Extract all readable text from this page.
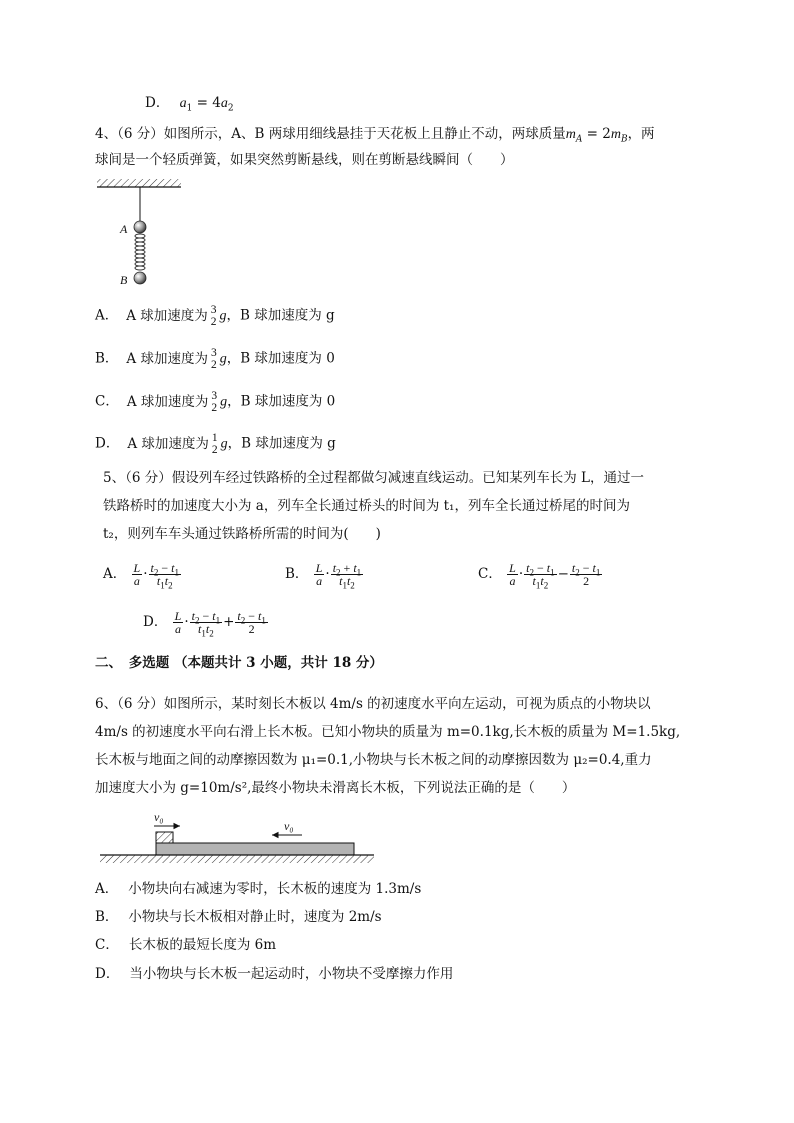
D． $a_1 = 4a_2$
4、（6 分）如图所示，A、B 两球用细线悬挂于天花板上且静止不动，两球质量$m_A = 2m_B$，两
球间是一个轻质弹簧，如果突然剪断悬线，则在剪断悬线瞬间（　　）
A
B
A． A 球加速度为 3
2 g，B 球加速度为 g
B． A 球加速度为 3
2 g，B 球加速度为 0
C． A 球加速度为 3
2 g，B 球加速度为 0
D． A 球加速度为 1
2 g，B 球加速度为 g
5、（6 分）假设列车经过铁路桥的全过程都做匀减速直线运动。已知某列车长为 L，通过一
铁路桥时的加速度大小为 a，列车全长通过桥头的时间为 t₁，列车全长通过桥尾的时间为
t₂，则列车车头通过铁路桥所需的时间为(　　)
A． $\frac{L}{a} \cdot \frac{t_2 - t_1}{t_1t_2}$	B． $\frac{L}{a} \cdot \frac{t_2 + t_1}{t_1t_2}$	C． $\frac{L}{a} \cdot \frac{t_2 - t_1}{t_1t_2} - \frac{t_2 - t_1}{2}$
D． $\frac{L}{a} \cdot \frac{t_2 - t_1}{t_1t_2} + \frac{t_2 - t_1}{2}$
二、　多选题 （本题共计 3 小题，共计 18 分）
6、（6 分）如图所示，某时刻长木板以 4m/s 的初速度水平向左运动，可视为质点的小物块以
4m/s 的初速度水平向右滑上长木板。已知小物块的质量为 m=0.1kg,长木板的质量为 M=1.5kg,
长木板与地面之间的动摩擦因数为 μ₁=0.1,小物块与长木板之间的动摩擦因数为 μ₂=0.4,重力
加速度大小为 g=10m/s²,最终小物块未滑离长木板，下列说法正确的是（　　）
v₀
v₀
A． 小物块向右减速为零时，长木板的速度为 1.3m/s
B． 小物块与长木板相对静止时，速度为 2m/s
C． 长木板的最短长度为 6m
D． 当小物块与长木板一起运动时，小物块不受摩擦力作用
